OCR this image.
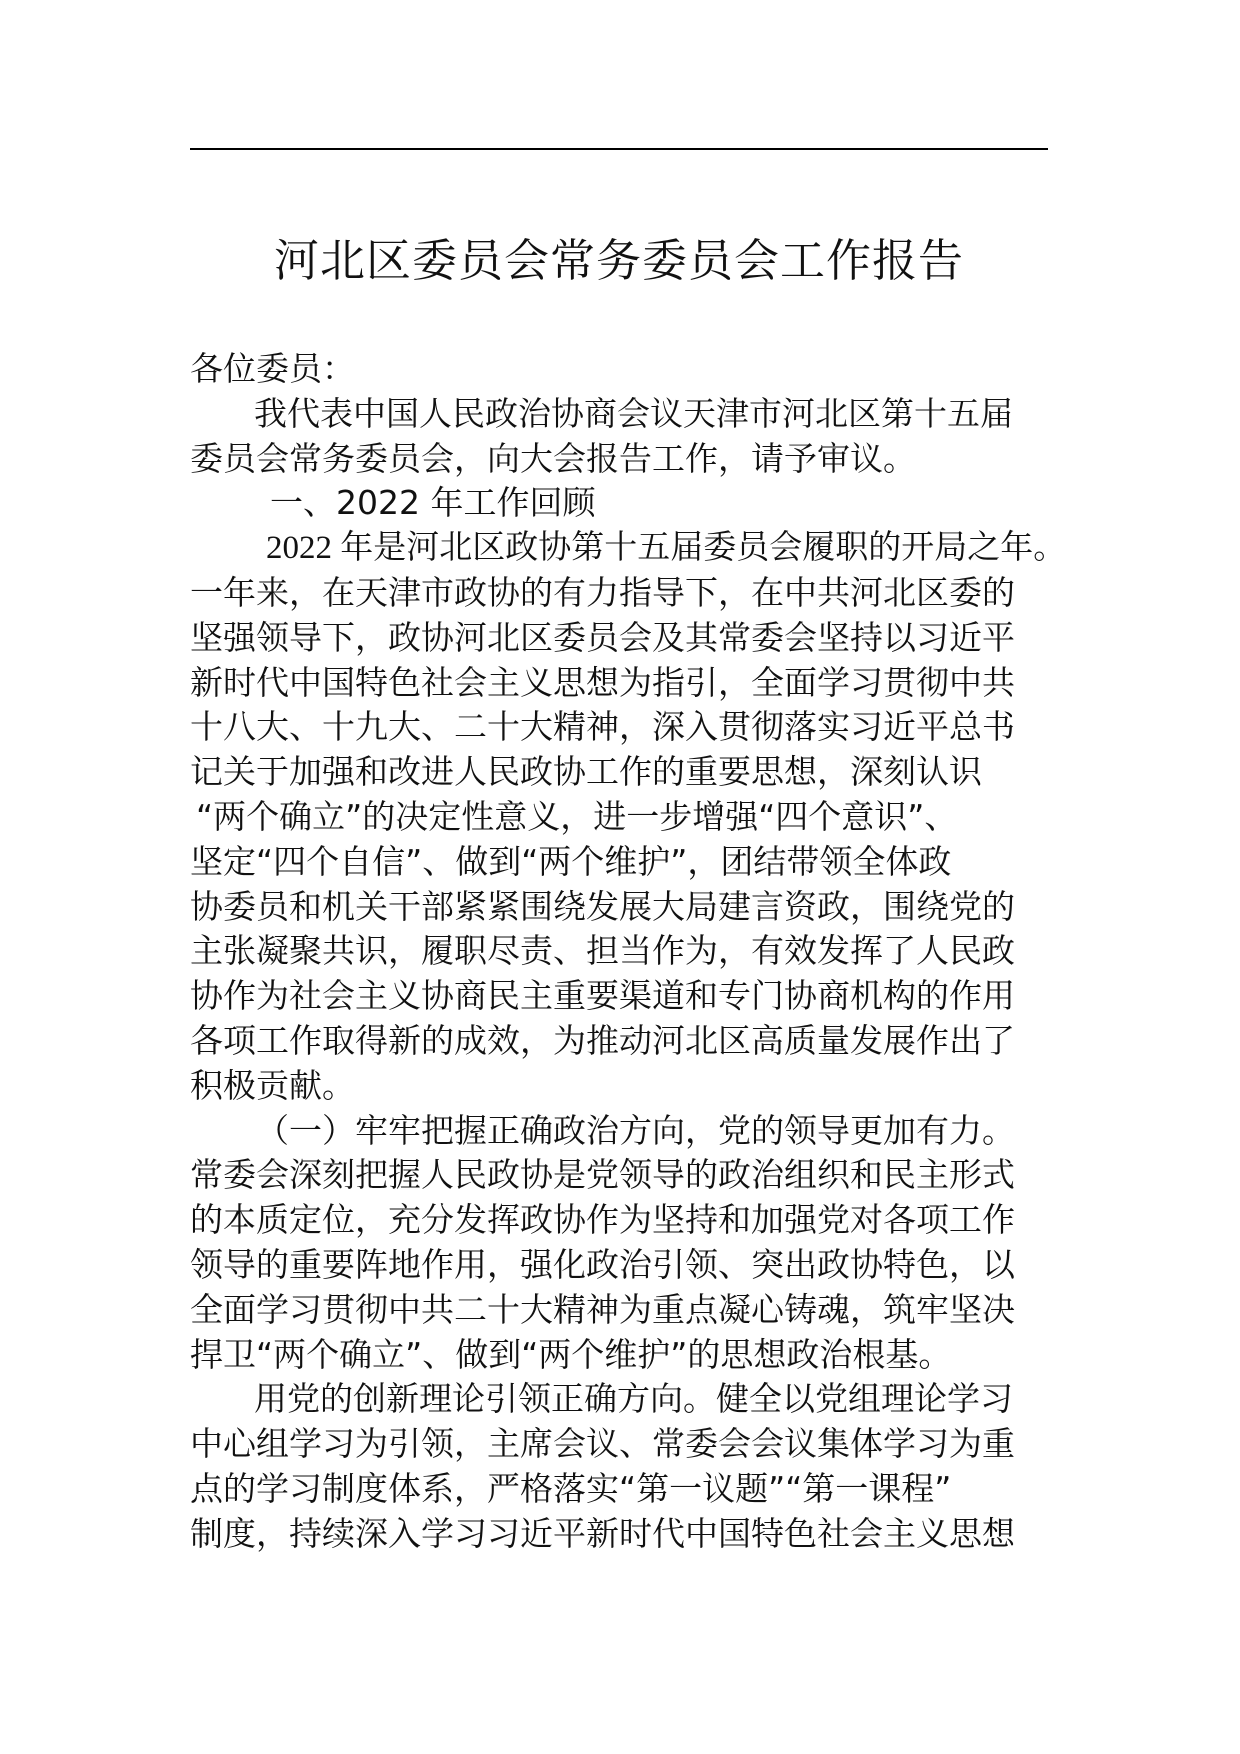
河北区委员会常务委员会工作报告
各位委员：
我代表中国人民政治协商会议天津市河北区第十五届
委员会常务委员会，向大会报告工作，请予审议。
一、2022 年工作回顾
2022 年是河北区政协第十五届委员会履职的开局之年。
一年来，在天津市政协的有力指导下，在中共河北区委的
坚强领导下，政协河北区委员会及其常委会坚持以习近平
新时代中国特色社会主义思想为指引，全面学习贯彻中共
十八大、十九大、二十大精神，深入贯彻落实习近平总书
记关于加强和改进人民政协工作的重要思想，深刻认识
“两个确立”的决定性意义，进一步增强“四个意识”、
坚定“四个自信”、做到“两个维护”，团结带领全体政
协委员和机关干部紧紧围绕发展大局建言资政，围绕党的
主张凝聚共识，履职尽责、担当作为，有效发挥了人民政
协作为社会主义协商民主重要渠道和专门协商机构的作用
各项工作取得新的成效，为推动河北区高质量发展作出了
积极贡献。
（一）牢牢把握正确政治方向，党的领导更加有力。
常委会深刻把握人民政协是党领导的政治组织和民主形式
的本质定位，充分发挥政协作为坚持和加强党对各项工作
领导的重要阵地作用，强化政治引领、突出政协特色，以
全面学习贯彻中共二十大精神为重点凝心铸魂，筑牢坚决
捍卫“两个确立”、做到“两个维护”的思想政治根基。
用党的创新理论引领正确方向。健全以党组理论学习
中心组学习为引领，主席会议、常委会会议集体学习为重
点的学习制度体系，严格落实“第一议题”“第一课程”
制度，持续深入学习习近平新时代中国特色社会主义思想
